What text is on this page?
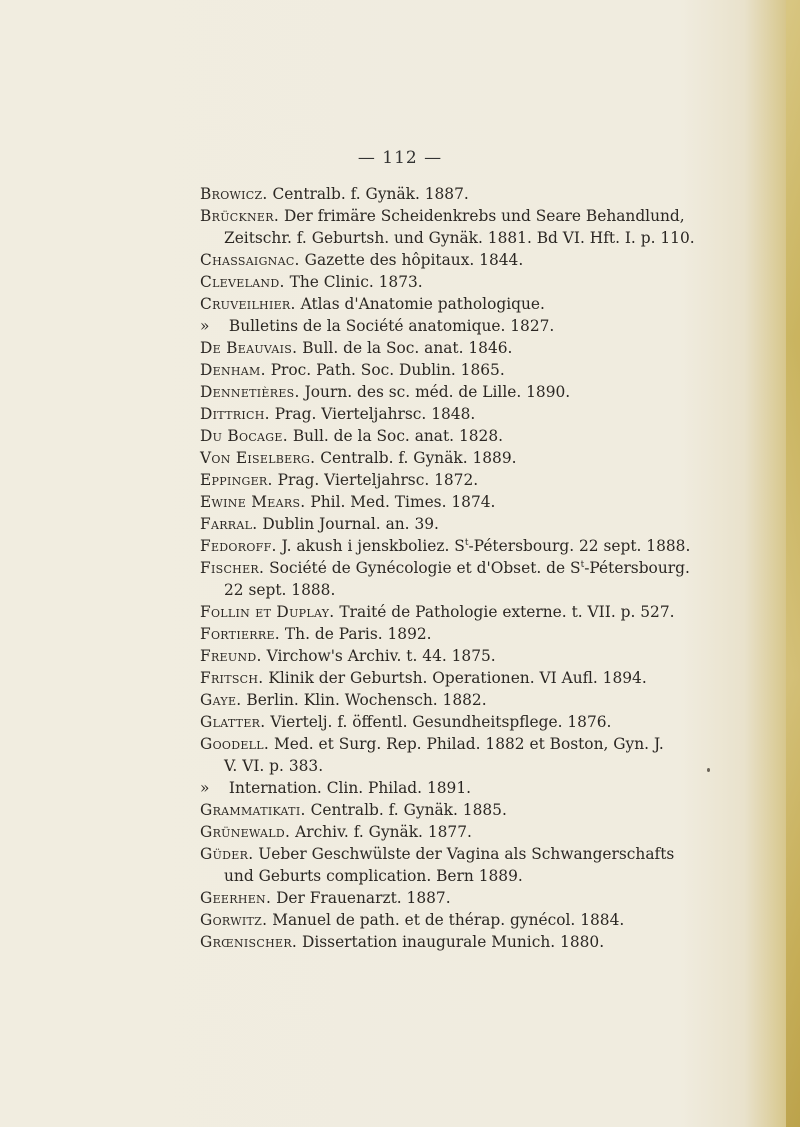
— 112 —

Browicz. Centralb. f. Gynäk. 1887.

Brückner. Der frimäre Scheidenkrebs und Seare Behandlund,

Zeitschr. f. Geburtsh. und Gynäk. 1881. Bd VI. Hft. I. p. 110.

Chassaignac. Gazette des hôpitaux. 1844.

Cleveland. The Clinic. 1873.

Cruveilhier. Atlas d'Anatomie pathologique.

» Bulletins de la Société anatomique. 1827.

De Beauvais. Bull. de la Soc. anat. 1846.

Denham. Proc. Path. Soc. Dublin. 1865.

Dennetières. Journ. des sc. méd. de Lille. 1890.

Dittrich. Prag. Vierteljahrsc. 1848.

Du Bocage. Bull. de la Soc. anat. 1828.

Von Eiselberg. Centralb. f. Gynäk. 1889.

Eppinger. Prag. Vierteljahrsc. 1872.

Ewine Mears. Phil. Med. Times. 1874.

Farral. Dublin Journal. an. 39.

Fedoroff. J. akush i jenskboliez. $S^t$-Pétersbourg. 22 sept. 1888.

Fischer. Société de Gynécologie et d'Obset. de $S^t$-Pétersbourg.

22 sept. 1888.

Follin et Duplay. Traité de Pathologie externe. t. VII. p. 527.

Fortierre. Th. de Paris. 1892.

Freund. Virchow's Archiv. t. 44. 1875.

Fritsch. Klinik der Geburtsh. Operationen. VI Aufl. 1894.

Gaye. Berlin. Klin. Wochensch. 1882.

Glatter. Viertelj. f. öffentl. Gesundheitspflege. 1876.

Goodell. Med. et Surg. Rep. Philad. 1882 et Boston, Gyn. J.

V. VI. p. 383.

» Internation. Clin. Philad. 1891.

Grammatikati. Centralb. f. Gynäk. 1885.

Grünewald. Archiv. f. Gynäk. 1877.

Güder. Ueber Geschwülste der Vagina als Schwangerschafts

und Geburts complication. Bern 1889.

Geerhen. Der Frauenarzt. 1887.

Gorwitz. Manuel de path. et de thérap. gynécol. 1884.

Grœnischer. Dissertation inaugurale Munich. 1880.
